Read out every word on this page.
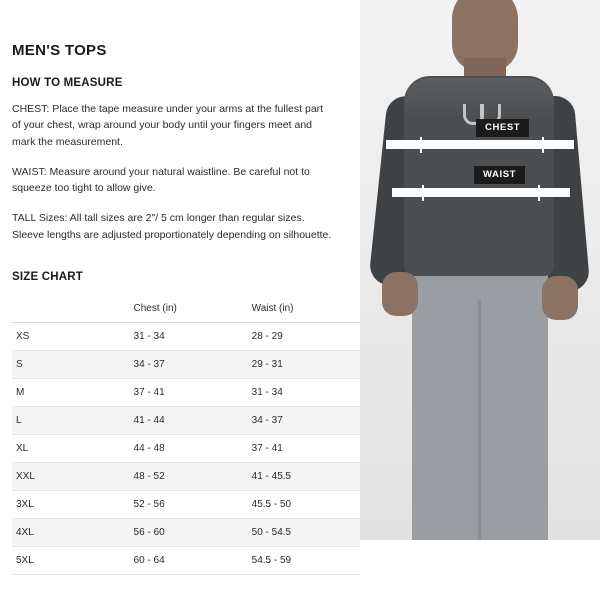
MEN'S TOPS
HOW TO MEASURE

CHEST: Place the tape measure under your arms at the fullest part of your chest, wrap around your body until your fingers meet and mark the measurement.

WAIST: Measure around your natural waistline. Be careful not to squeeze too tight to allow give.

TALL Sizes: All tall sizes are 2"/ 5 cm longer than regular sizes. Sleeve lengths are adjusted proportionately depending on silhouette.

SIZE CHART
	Chest (in)	Waist (in)
XS	31 - 34	28 - 29
S	34 - 37	29 - 31
M	37 - 41	31 - 34
L	41 - 44	34 - 37
XL	44 - 48	37 - 41
XXL	48 - 52	41 - 45.5
3XL	52 - 56	45.5 - 50
4XL	56 - 60	50 - 54.5
5XL	60 - 64	54.5 - 59
CHEST
WAIST
